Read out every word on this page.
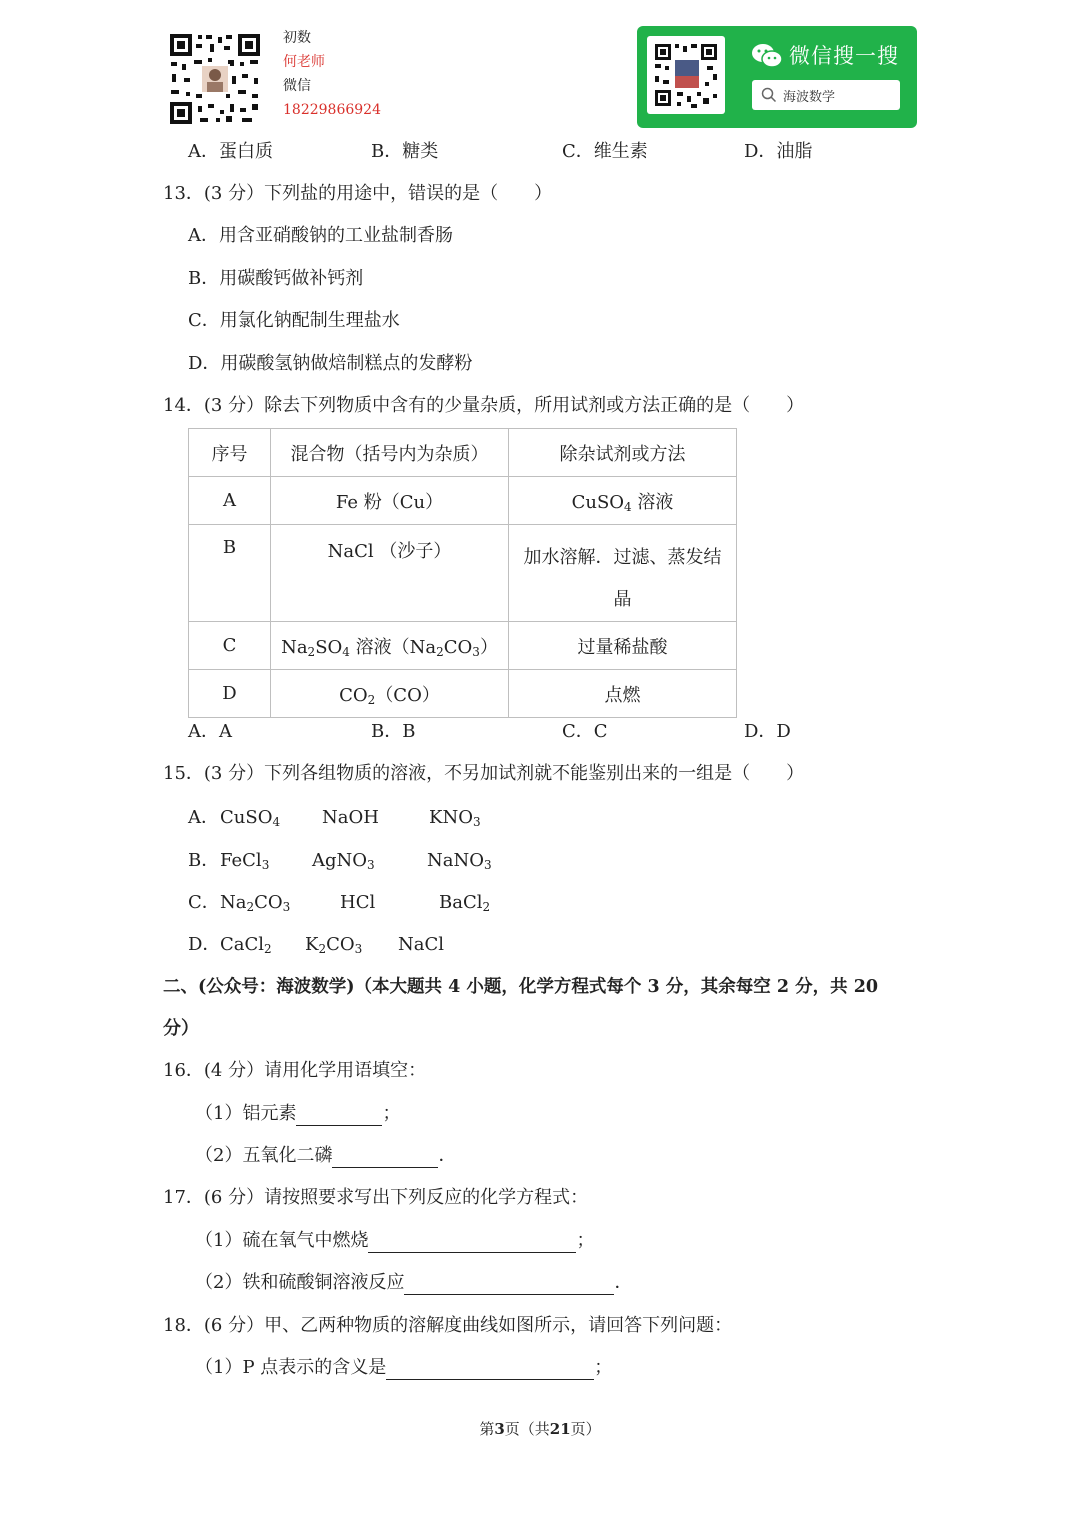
初数
何老师
微信
18229866924
微信搜一搜
海波数学
A．蛋白质	B．糖类	C．维生素	D．油脂
13．(3 分）下列盐的用途中，错误的是（　　）
A．用含亚硝酸钠的工业盐制香肠
B．用碳酸钙做补钙剂
C．用氯化钠配制生理盐水
D．用碳酸氢钠做焙制糕点的发酵粉
14．(3 分）除去下列物质中含有的少量杂质，所用试剂或方法正确的是（　　）
序号	混合物（括号内为杂质）	除杂试剂或方法
A	Fe 粉（Cu）	CuSO$_4$ 溶液
B	NaCl （沙子）	加水溶解．过滤、蒸发结
晶
C	$Na_2SO_4$ 溶液$(Na_2CO_3)$	过量稀盐酸
D	$CO_2(CO)$	点燃
A．A	B．B	C．C	D．D
15．(3 分）下列各组物质的溶液，不另加试剂就不能鉴别出来的一组是（　　）
A． CuSO$_4$ NaOH	$KNO_3$
B． FeCl$_3$ AgNO$_3$	NaNO$_3$
C． $Na_2CO_3$	HCl	BaCl$_2$
D． CaCl$_2$ $K_2CO_3$ NaCl
二、(公众号：海波数学)（本大题共 4 小题，化学方程式每个 3 分，其余每空 2 分，共 20
分）
16．(4 分）请用化学用语填空：
（1）铝元素	；
（2）五氧化二磷	．
17．(6 分）请按照要求写出下列反应的化学方程式：
（1）硫在氧气中燃烧	；
（2）铁和硫酸铜溶液反应	．
18．(6 分）甲、乙两种物质的溶解度曲线如图所示，请回答下列问题：
（1）P 点表示的含义是	；
第3页（共21页）
